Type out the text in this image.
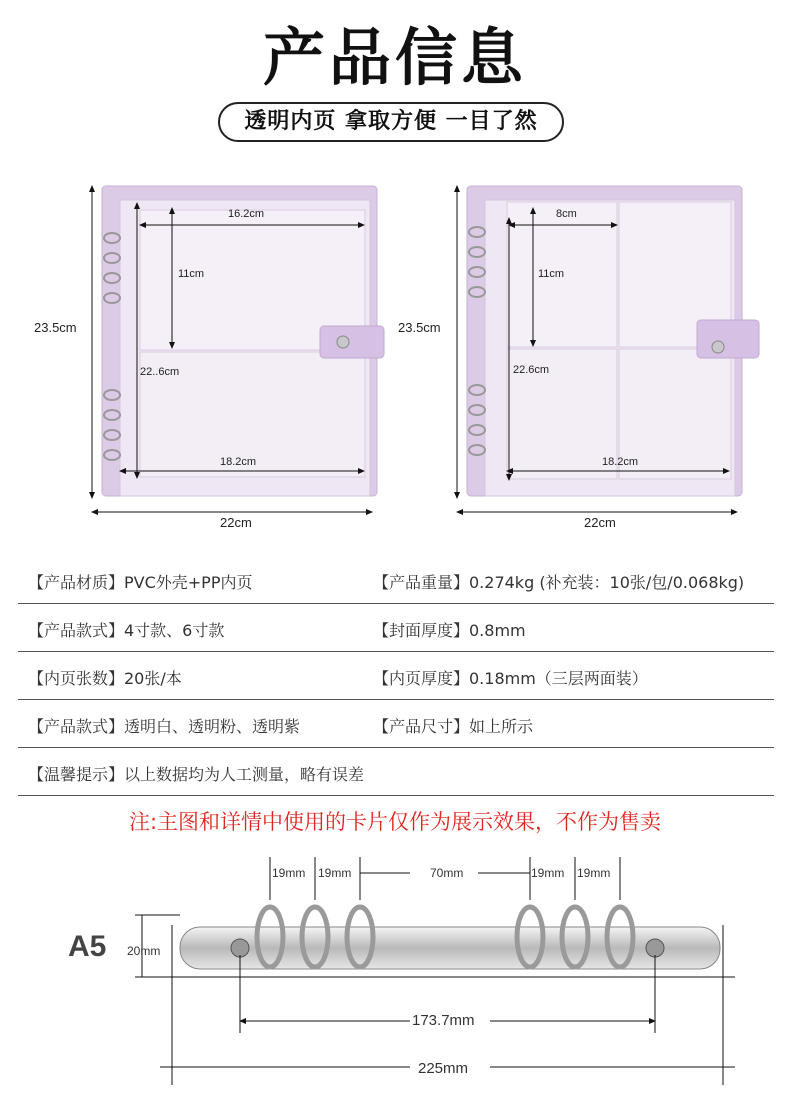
产品信息
透明内页 拿取方便 一目了然
16.2cm
11cm
22..6cm
18.2cm
23.5cm
22cm
8cm
11cm
22.6cm
18.2cm
23.5cm
22cm
【产品材质】PVC外壳+PP内页	【产品重量】0.274kg (补充装：10张/包/0.068kg)
【产品款式】4寸款、6寸款	【封面厚度】0.8mm
【内页张数】20张/本	【内页厚度】0.18mm（三层两面装）
【产品款式】透明白、透明粉、透明紫	【产品尺寸】如上所示
【温馨提示】以上数据均为人工测量，略有误差
注:主图和详情中使用的卡片仅作为展示效果，不作为售卖
A5
19mm 19mm	70mm	19mm 19mm
20mm
173.7mm
225mm
